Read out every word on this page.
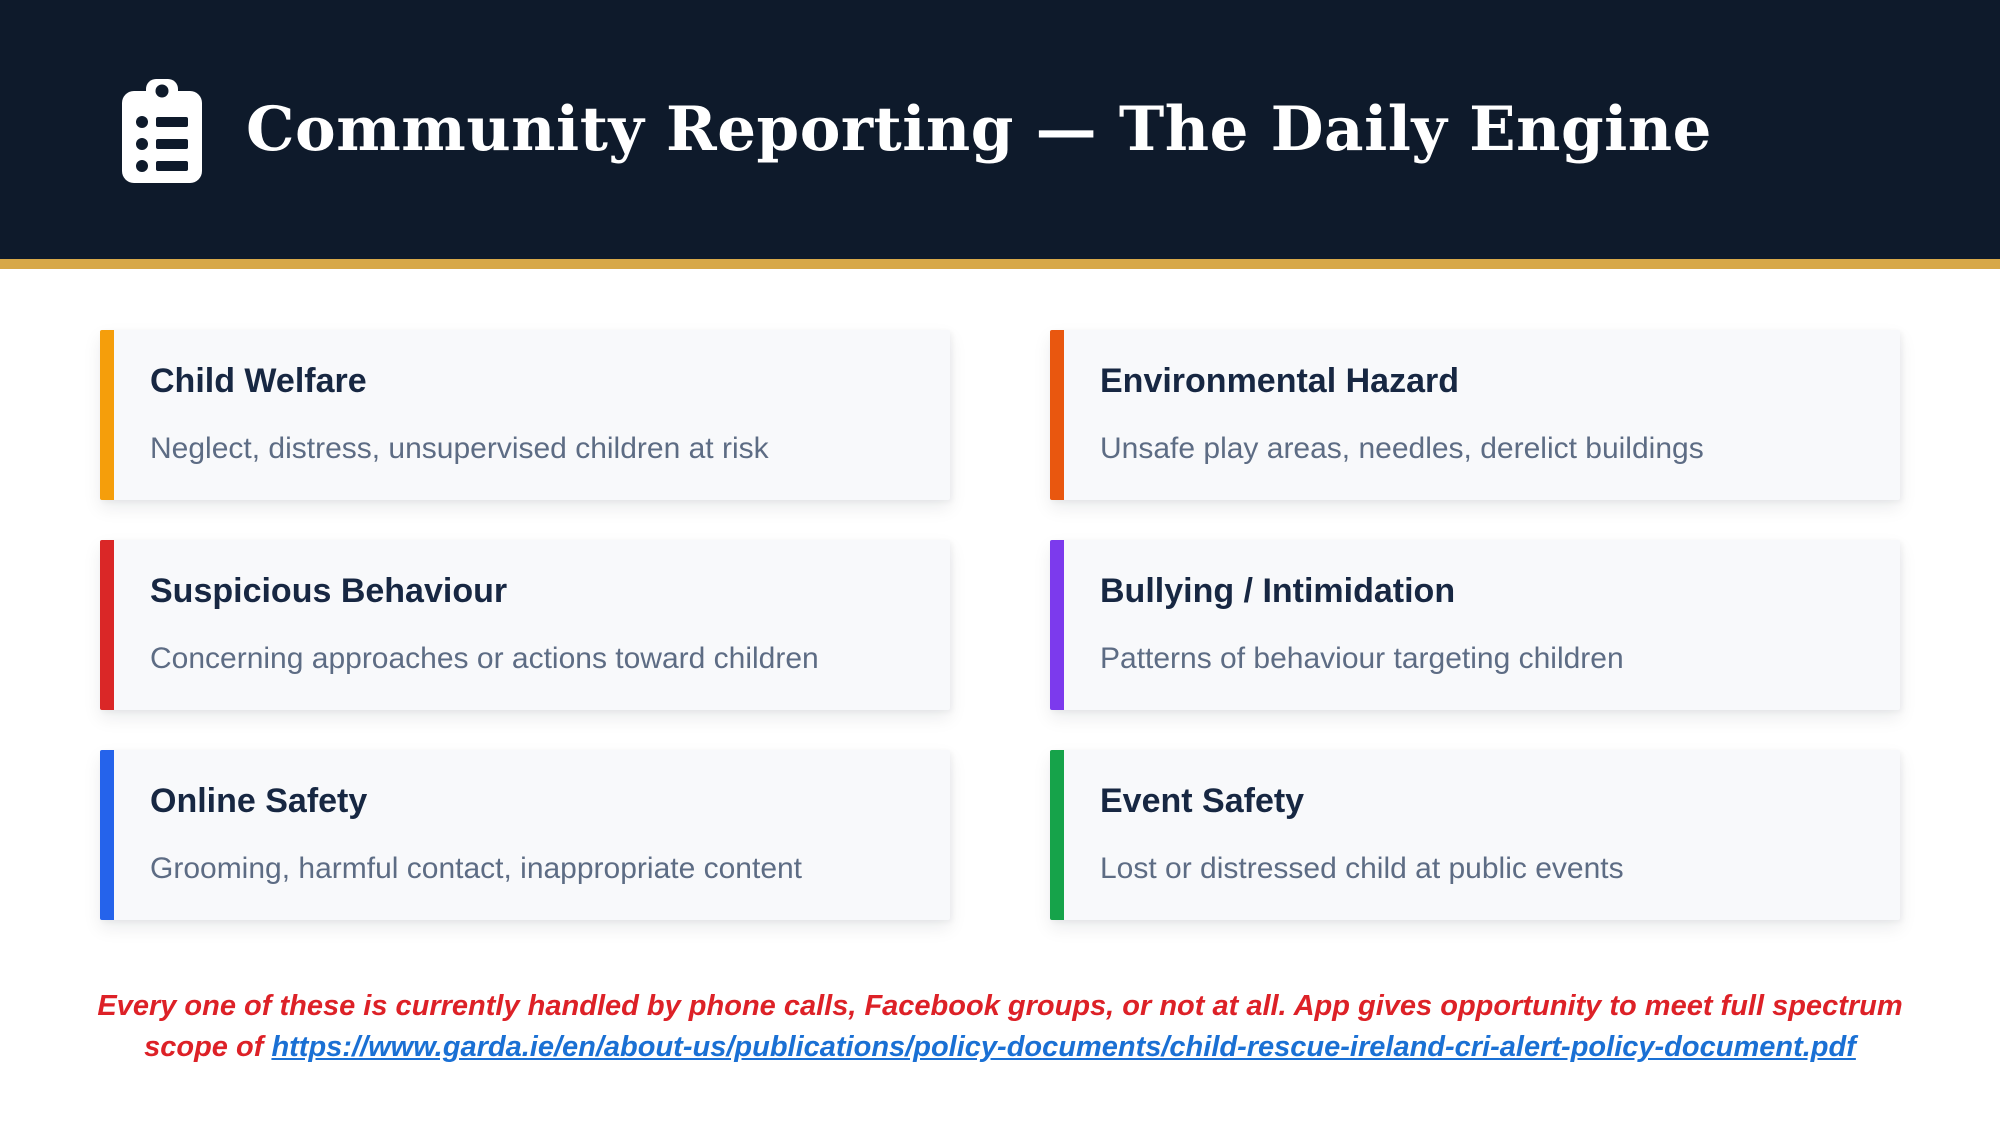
Community Reporting — The Daily Engine
Child Welfare
Neglect, distress, unsupervised children at risk
Environmental Hazard
Unsafe play areas, needles, derelict buildings
Suspicious Behaviour
Concerning approaches or actions toward children
Bullying / Intimidation
Patterns of behaviour targeting children
Online Safety
Grooming, harmful contact, inappropriate content
Event Safety
Lost or distressed child at public events
Every one of these is currently handled by phone calls, Facebook groups, or not at all. App gives opportunity to meet full spectrum
scope of https://www.garda.ie/en/about-us/publications/policy-documents/child-rescue-ireland-cri-alert-policy-document.pdf
